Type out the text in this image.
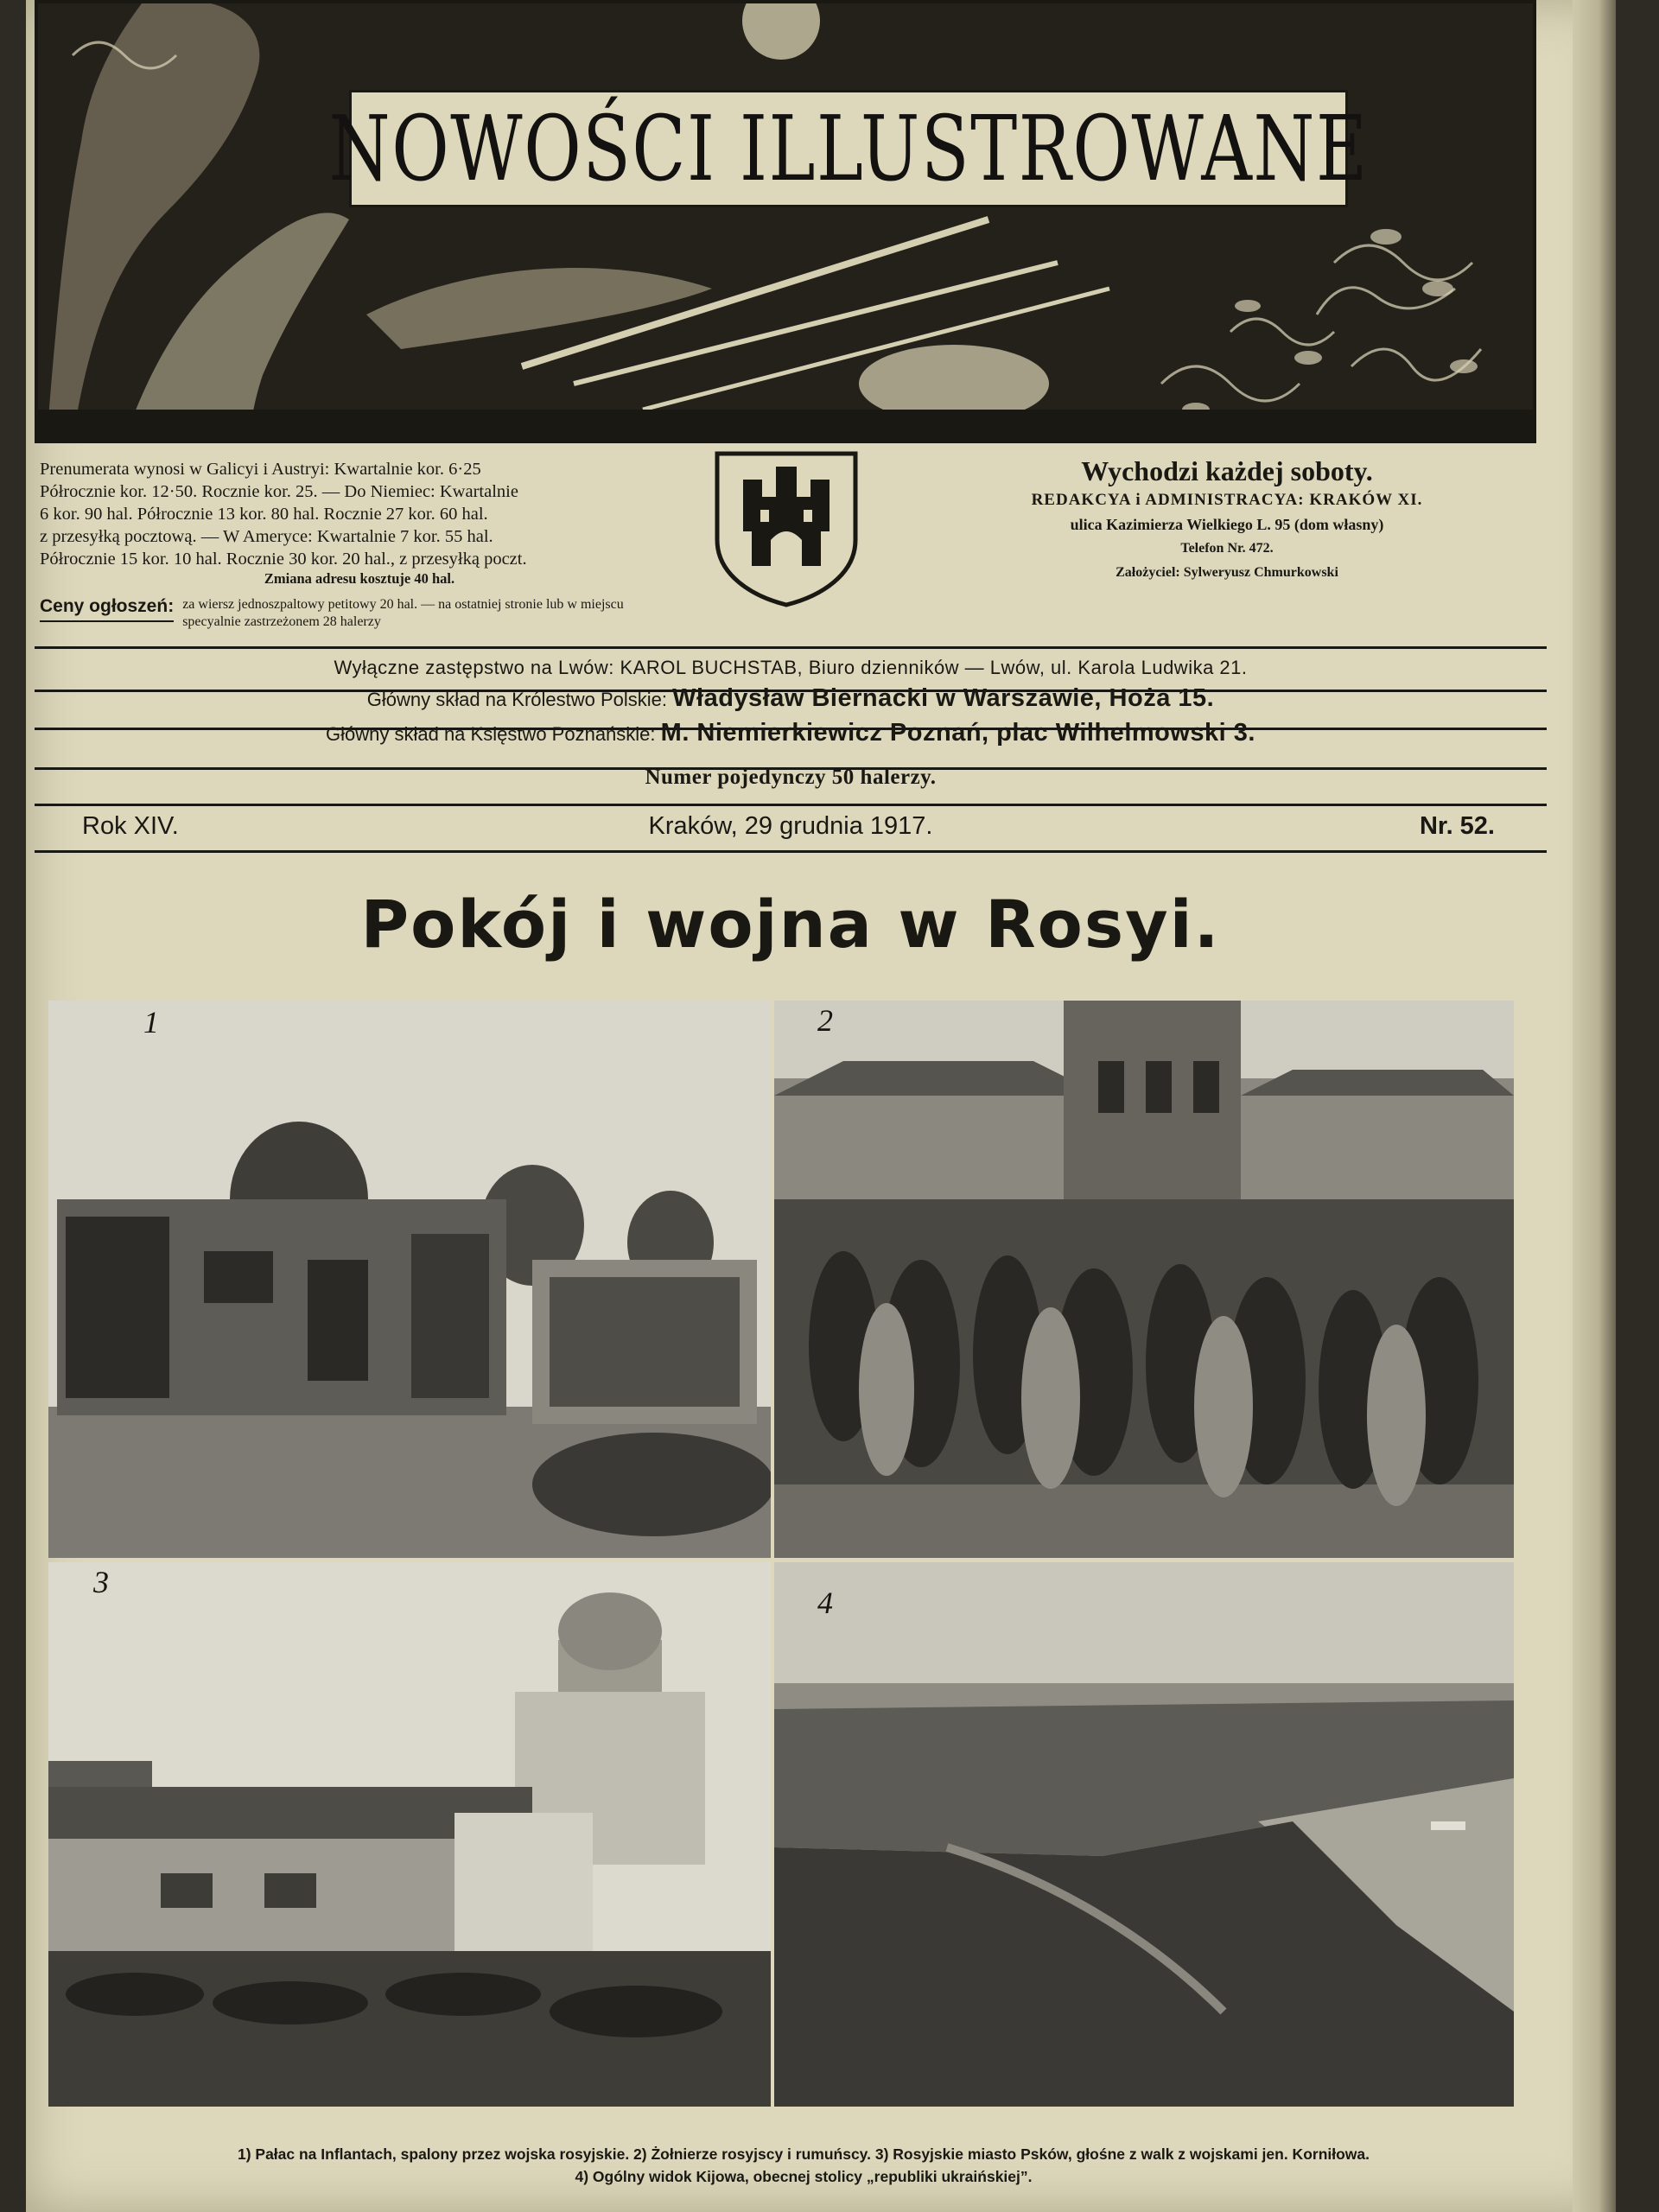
NOWOŚCI ILLUSTROWANE

Prenumerata wynosi w Galicyi i Austryi: Kwartalnie kor. 6·25

Półrocznie kor. 12·50. Rocznie kor. 25. — Do Niemiec: Kwartalnie

6 kor. 90 hal. Półrocznie 13 kor. 80 hal. Rocznie 27 kor. 60 hal.

z przesyłką pocztową. — W Ameryce: Kwartalnie 7 kor. 55 hal.

Półrocznie 15 kor. 10 hal. Rocznie 30 kor. 20 hal., z przesyłką poczt.

Zmiana adresu kosztuje 40 hal.

Ceny ogłoszeń: za wiersz jednoszpaltowy petitowy 20 hal. — na ostatniej stronie lub w miejscu specyalnie zastrzeżonem 28 halerzy
Wychodzi każdej soboty.
REDAKCYA i ADMINISTRACYA: KRAKÓW XI.
ulica Kazimierza Wielkiego L. 95 (dom własny)
Telefon Nr. 472.
Założyciel: Sylweryusz Chmurkowski
Wyłączne zastępstwo na Lwów: KAROL BUCHSTAB, Biuro dzienników — Lwów, ul. Karola Ludwika 21.
Główny skład na Królestwo Polskie: Władysław Biernacki w Warszawie, Hoża 15.
Główny skład na Księstwo Poznańskie: M. Niemierkiewicz Poznań, plac Wilhelmowski 3.
Numer pojedynczy 50 halerzy.
Kraków, 29 grudnia 1917.
Rok XIV.	Nr. 52.
Pokój i wojna w Rosyi.
1	2
3
4

1) Pałac na Inflantach, spalony przez wojska rosyjskie. 2) Żołnierze rosyjscy i rumuńscy. 3) Rosyjskie miasto Psków, głośne z walk z wojskami jen. Korniłowa.

4) Ogólny widok Kijowa, obecnej stolicy „republiki ukraińskiej”.
